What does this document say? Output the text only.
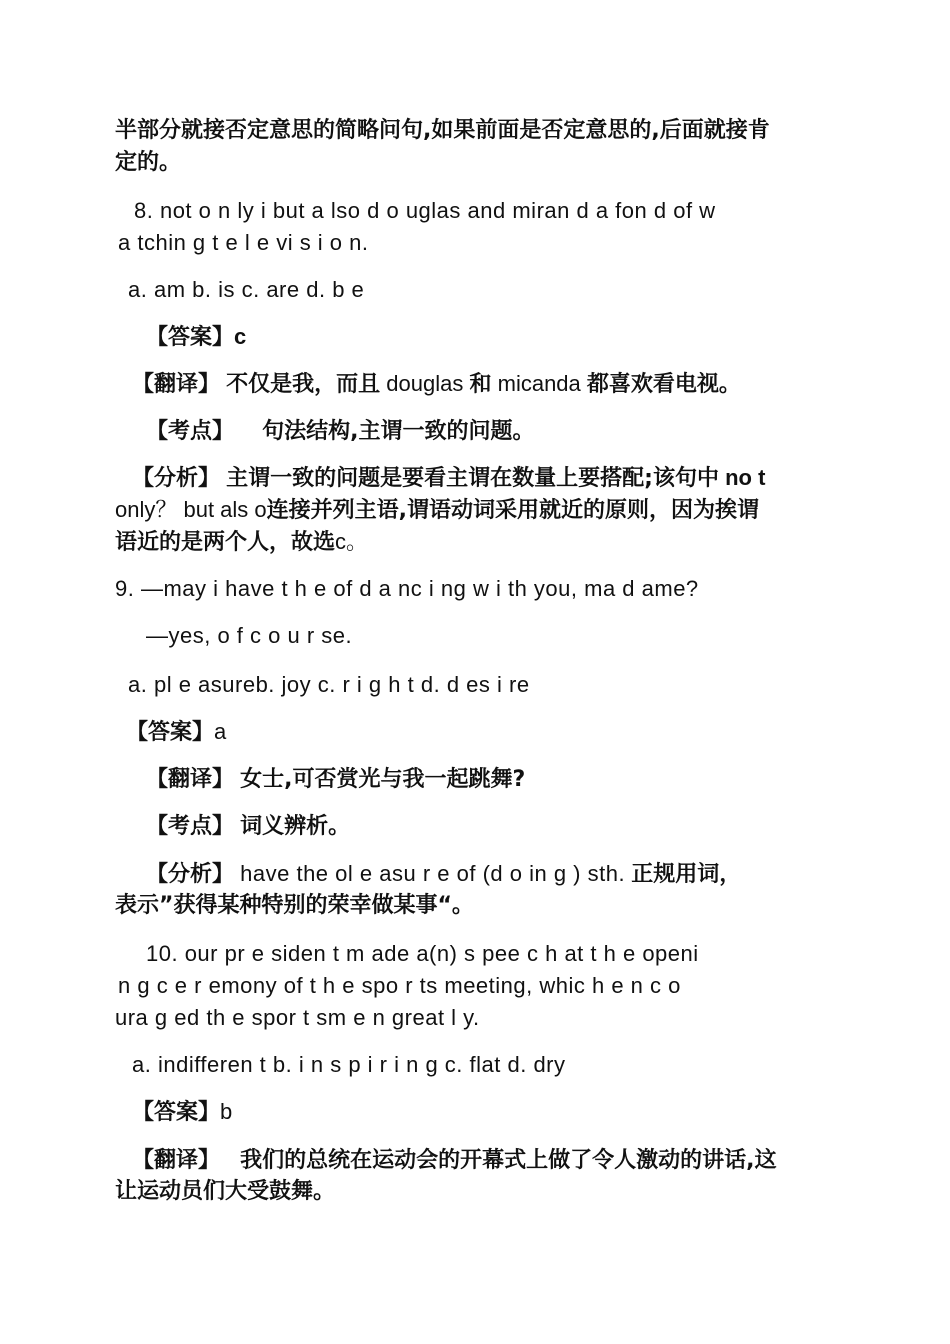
半部分就接否定意思的简略问句,如果前面是否定意思的,后面就接肯
定的。
8. not o n ly i but a lso d o uglas and miran d a fon d of w
a tchin g t e l e vi s i o n.
a. am b. is c. are d. b e
【答案】c
【翻译】 不仅是我，而且 douglas 和 micanda 都喜欢看电视。
【考点】 句法结构,主谓一致的问题。
【分析】 主谓一致的问题是要看主谓在数量上要搭配;该句中 no t
only？ but als o连接并列主语,谓语动词采用就近的原则，因为挨谓
语近的是两个人，故选c。
9. —may i have t h e of d a nc i ng w i th you, ma d ame?
—yes, o f c o u r se.
a. pl e asureb. joy c. r i g h t d. d es i re
【答案】a
【翻译】 女士,可否赏光与我一起跳舞?
【考点】 词义辨析。
【分析】 have the ol e asu r e of (d o in g ) sth. 正规用词，
表示”获得某种特别的荣幸做某事“。
10. our pr e siden t m ade a(n) s pee c h at t h e openi
n g c e r emony of t h e spo r ts meeting, whic h e n c o
ura g ed th e spor t sm e n great l y.
a. indifferen t b. i n s p i r i n g c. flat d. dry
【答案】b
【翻译】 我们的总统在运动会的开幕式上做了令人激动的讲话,这
让运动员们大受鼓舞。
